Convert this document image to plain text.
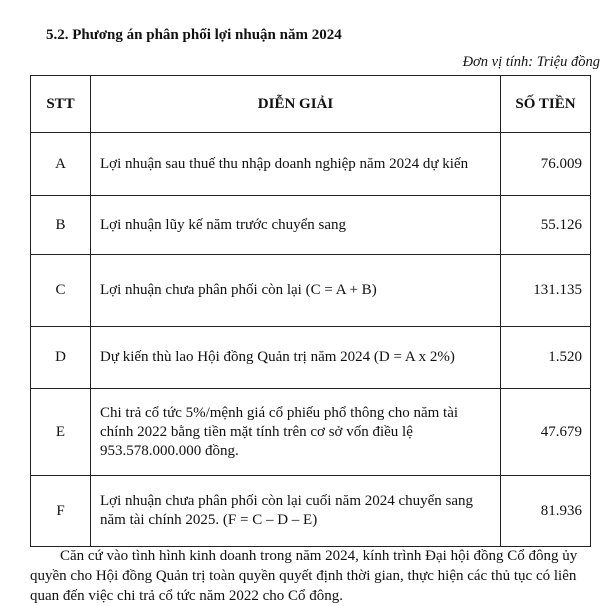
5.2. Phương án phân phối lợi nhuận năm 2024
Đơn vị tính: Triệu đồng
STT	DIỄN GIẢI	SỐ TIỀN
A	Lợi nhuận sau thuế thu nhập doanh nghiệp năm 2024 dự kiến	76.009
B	Lợi nhuận lũy kế năm trước chuyển sang	55.126
C	Lợi nhuận chưa phân phối còn lại (C = A + B)	131.135
D	Dự kiến thù lao Hội đồng Quản trị năm 2024 (D = A x 2%)	1.520
E	Chi trả cổ tức 5%/mệnh giá cổ phiếu phổ thông cho năm tài chính 2022 bằng tiền mặt tính trên cơ sở vốn điều lệ 953.578.000.000 đồng.	47.679
F	Lợi nhuận chưa phân phối còn lại cuối năm 2024 chuyển sang năm tài chính 2025. (F = C – D – E)	81.936
Căn cứ vào tình hình kinh doanh trong năm 2024, kính trình Đại hội đồng Cổ đông ủy
quyền cho Hội đồng Quản trị toàn quyền quyết định thời gian, thực hiện các thủ tục có liên
quan đến việc chi trả cổ tức năm 2022 cho Cổ đông.
